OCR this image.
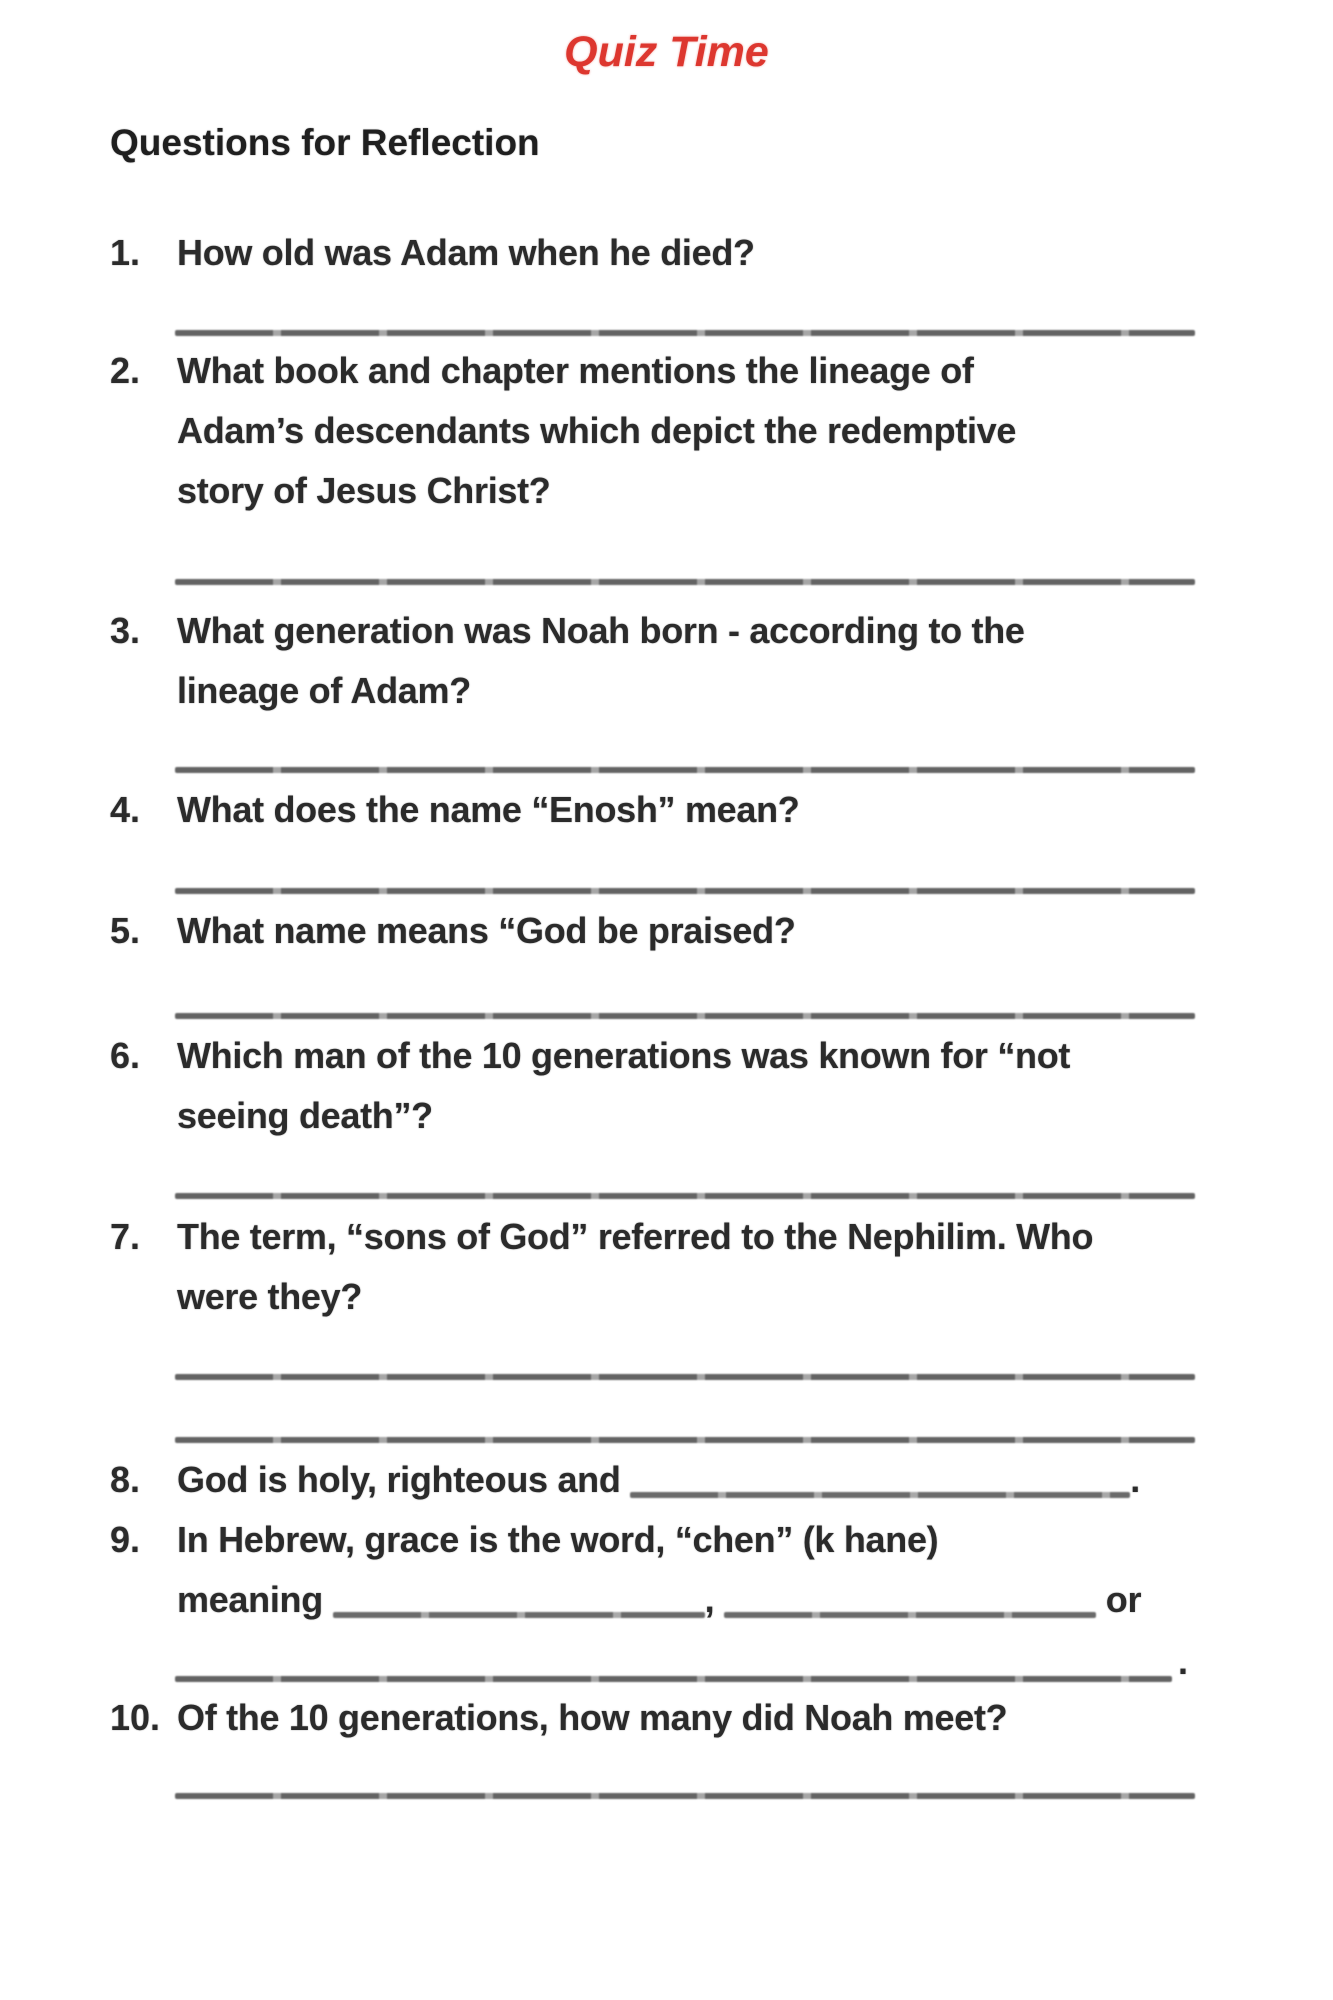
Quiz Time
Questions for Reflection
1. How old was Adam when he died?
2. What book and chapter mentions the lineage of
Adam’s descendants which depict the redemptive
story of Jesus Christ?
3. What generation was Noah born - according to the
lineage of Adam?
4. What does the name “Enosh” mean?
5. What name means “God be praised?
6. Which man of the 10 generations was known for “not
seeing death”?
7. The term, “sons of God” referred to the Nephilim. Who
were they?
8. God is holy, righteous and	.
9. In Hebrew, grace is the word, “chen” (k hane)
meaning	,	or
.
10. Of the 10 generations, how many did Noah meet?
